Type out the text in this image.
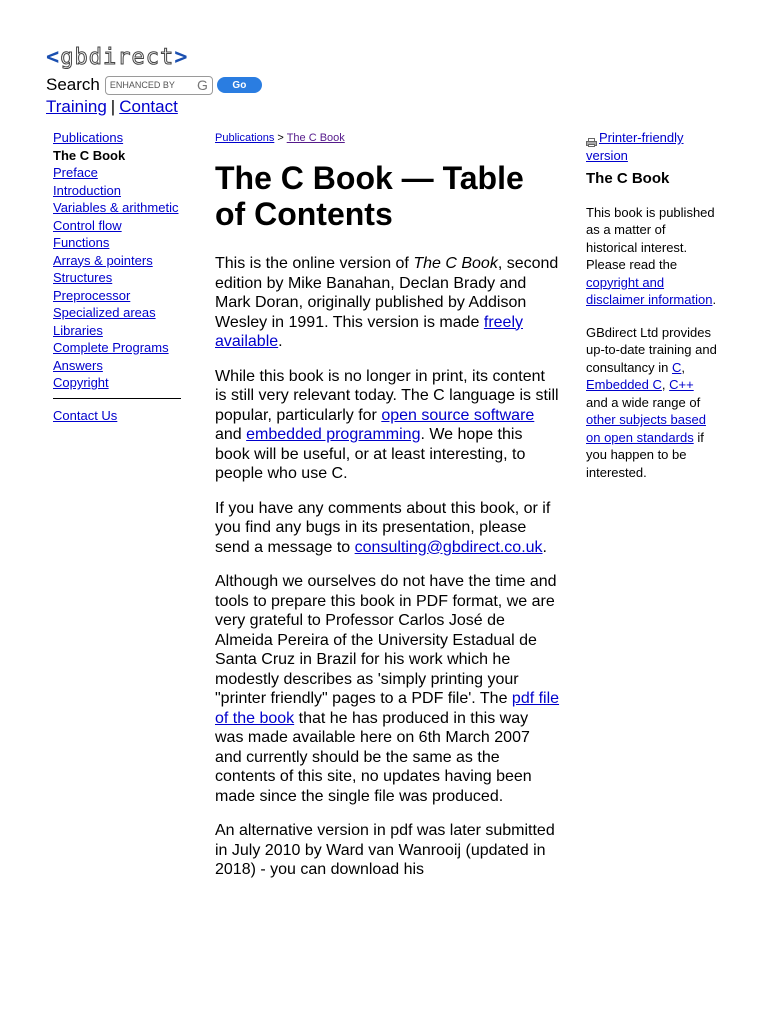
<gbdirect>
Search ENHANCED BY G	Go
Training | Contact
Publications
The C Book
Preface
Introduction
Variables & arithmetic
Control flow
Functions
Arrays & pointers
Structures
Preprocessor
Specialized areas
Libraries
Complete Programs
Answers
Copyright
Contact Us
Publications > The C Book
The C Book — Table of Contents

This is the online version of The C Book, second edition by Mike Banahan, Declan Brady and Mark Doran, originally published by Addison Wesley in 1991. This version is made freely available.

While this book is no longer in print, its content is still very relevant today. The C language is still popular, particularly for open source software and embedded programming. We hope this book will be useful, or at least interesting, to people who use C.

If you have any comments about this book, or if you find any bugs in its presentation, please send a message to consulting@gbdirect.co.uk.

Although we ourselves do not have the time and tools to prepare this book in PDF format, we are very grateful to Professor Carlos José de Almeida Pereira of the University Estadual de Santa Cruz in Brazil for his work which he modestly describes as 'simply printing your "printer friendly" pages to a PDF file'. The pdf file of the book that he has produced in this way was made available here on 6th March 2007 and currently should be the same as the contents of this site, no updates having been made since the single file was produced.

An alternative version in pdf was later submitted in July 2010 by Ward van Wanrooij (updated in 2018) - you can download his

Printer-friendly version
The C Book

This book is published as a matter of historical interest. Please read the copyright and disclaimer information.

GBdirect Ltd provides up-to-date training and consultancy in C, Embedded C, C++ and a wide range of other subjects based on open standards if you happen to be interested.
